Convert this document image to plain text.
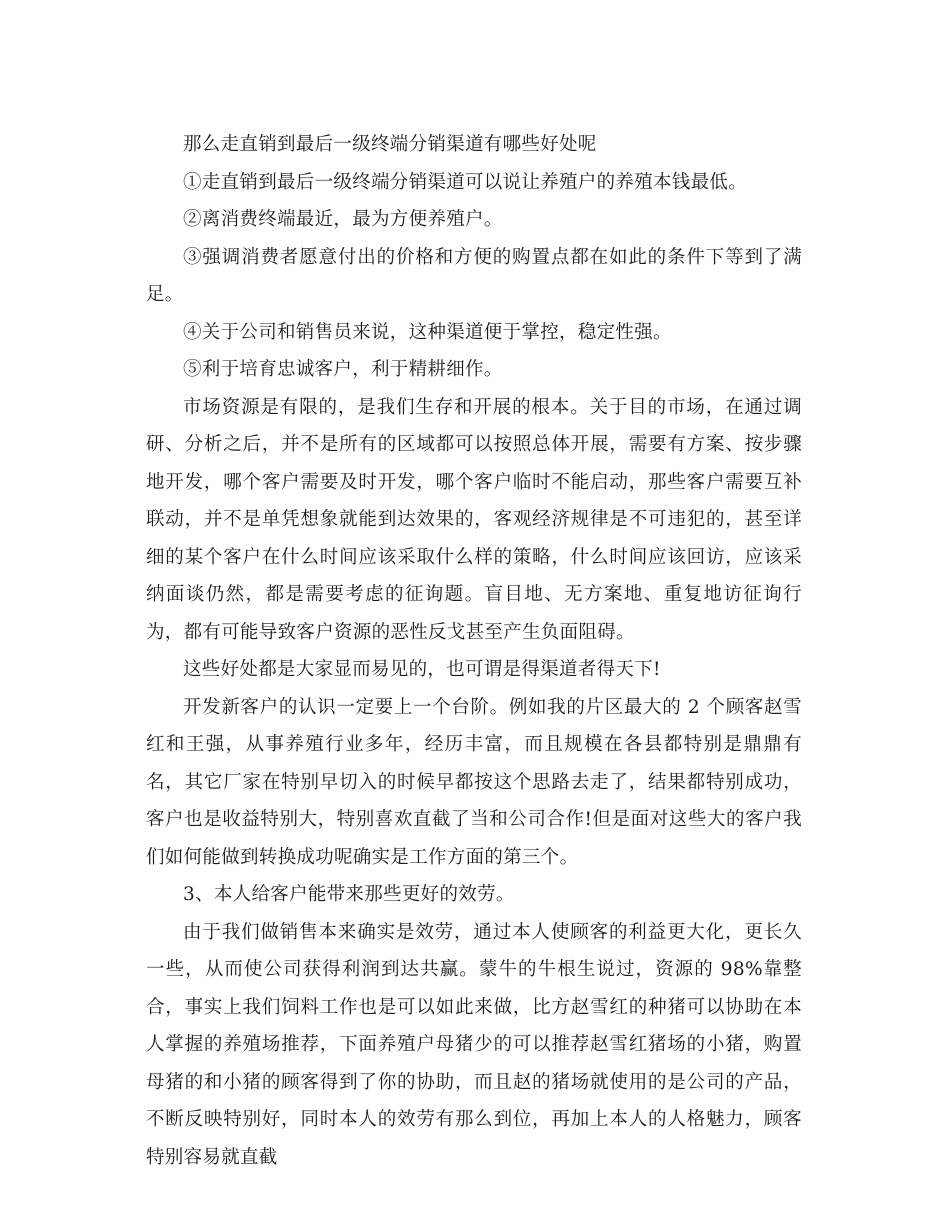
那么走直销到最后一级终端分销渠道有哪些好处呢

①走直销到最后一级终端分销渠道可以说让养殖户的养殖本钱最低。

②离消费终端最近，最为方便养殖户。

③强调消费者愿意付出的价格和方便的购置点都在如此的条件下等到了满足。

④关于公司和销售员来说，这种渠道便于掌控，稳定性强。

⑤利于培育忠诚客户，利于精耕细作。

市场资源是有限的，是我们生存和开展的根本。关于目的市场，在通过调研、分析之后，并不是所有的区域都可以按照总体开展，需要有方案、按步骤地开发，哪个客户需要及时开发，哪个客户临时不能启动，那些客户需要互补联动，并不是单凭想象就能到达效果的，客观经济规律是不可违犯的，甚至详细的某个客户在什么时间应该采取什么样的策略，什么时间应该回访，应该采纳面谈仍然，都是需要考虑的征询题。盲目地、无方案地、重复地访征询行为，都有可能导致客户资源的恶性反戈甚至产生负面阻碍。

这些好处都是大家显而易见的，也可谓是得渠道者得天下!

开发新客户的认识一定要上一个台阶。例如我的片区最大的 2 个顾客赵雪红和王强，从事养殖行业多年，经历丰富，而且规模在各县都特别是鼎鼎有名，其它厂家在特别早切入的时候早都按这个思路去走了，结果都特别成功，客户也是收益特别大，特别喜欢直截了当和公司合作!但是面对这些大的客户我们如何能做到转换成功呢确实是工作方面的第三个。

3、本人给客户能带来那些更好的效劳。

由于我们做销售本来确实是效劳，通过本人使顾客的利益更大化，更长久一些，从而使公司获得利润到达共赢。蒙牛的牛根生说过，资源的 98%靠整合，事实上我们饲料工作也是可以如此来做，比方赵雪红的种猪可以协助在本人掌握的养殖场推荐，下面养殖户母猪少的可以推荐赵雪红猪场的小猪，购置母猪的和小猪的顾客得到了你的协助，而且赵的猪场就使用的是公司的产品，不断反映特别好，同时本人的效劳有那么到位，再加上本人的人格魅力，顾客特别容易就直截
